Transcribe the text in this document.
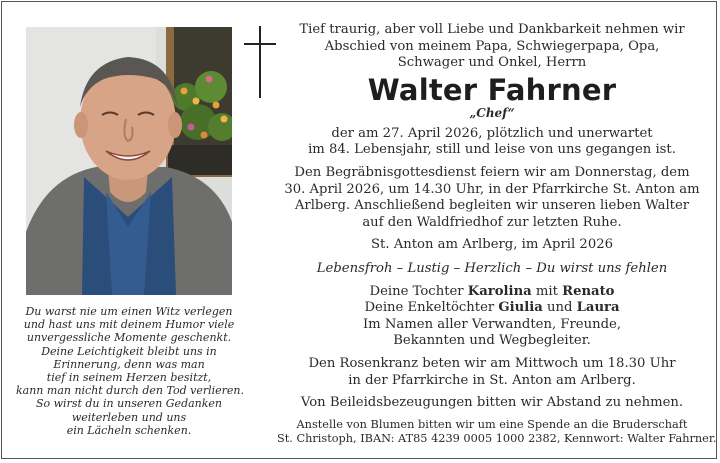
Du warst nie um einen Witz verlegen
und hast uns mit deinem Humor viele
unvergessliche Momente geschenkt.
Deine Leichtigkeit bleibt uns in
Erinnerung, denn was man
tief in seinem Herzen besitzt,
kann man nicht durch den Tod verlieren.
So wirst du in unseren Gedanken
weiterleben und uns
ein Lächeln schenken.
Tief traurig, aber voll Liebe und Dankbarkeit nehmen wir
Abschied von meinem Papa, Schwiegerpapa, Opa,
Schwager und Onkel, Herrn
Walter Fahrner
„Chef“
der am 27. April 2026, plötzlich und unerwartet
im 84. Lebensjahr, still und leise von uns gegangen ist.
Den Begräbnisgottesdienst feiern wir am Donnerstag, dem
30. April 2026, um 14.30 Uhr, in der Pfarrkirche St. Anton am
Arlberg. Anschließend begleiten wir unseren lieben Walter
auf den Waldfriedhof zur letzten Ruhe.
St. Anton am Arlberg, im April 2026
Lebensfroh – Lustig – Herzlich – Du wirst uns fehlen
Deine Tochter Karolina mit Renato
Deine Enkeltöchter Giulia und Laura
Im Namen aller Verwandten, Freunde,
Bekannten und Wegbegleiter.
Den Rosenkranz beten wir am Mittwoch um 18.30 Uhr
in der Pfarrkirche in St. Anton am Arlberg.
Von Beileidsbezeugungen bitten wir Abstand zu nehmen.
Anstelle von Blumen bitten wir um eine Spende an die Bruderschaft
St. Christoph, IBAN: AT85 4239 0005 1000 2382, Kennwort: Walter Fahrner.
